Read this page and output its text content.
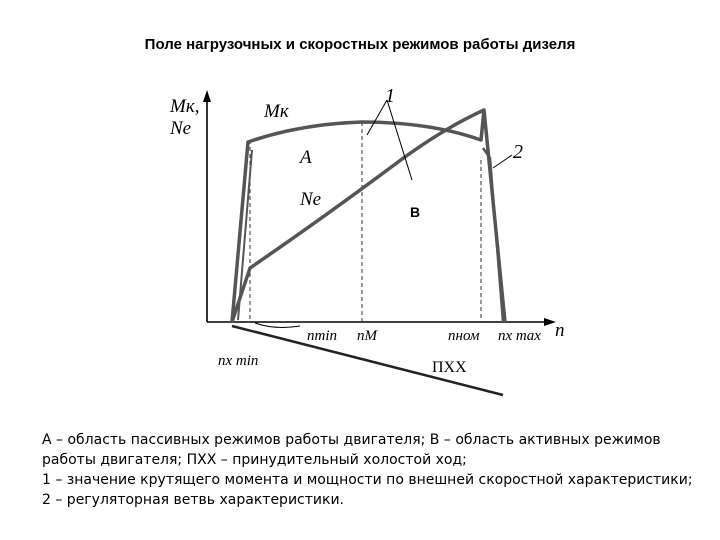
Поле нагрузочных и скоростных режимов работы дизеля
Mк,
Ne
Mк
A
Ne
B
1
2
n
nmin nM	nном nх max
nх min	ПХХ
А – область пассивных режимов работы двигателя; В – область активных режимов
работы двигателя; ПХХ – принудительный холостой ход;
1 – значение крутящего момента и мощности по внешней скоростной характеристики;
2 – регуляторная ветвь характеристики.
